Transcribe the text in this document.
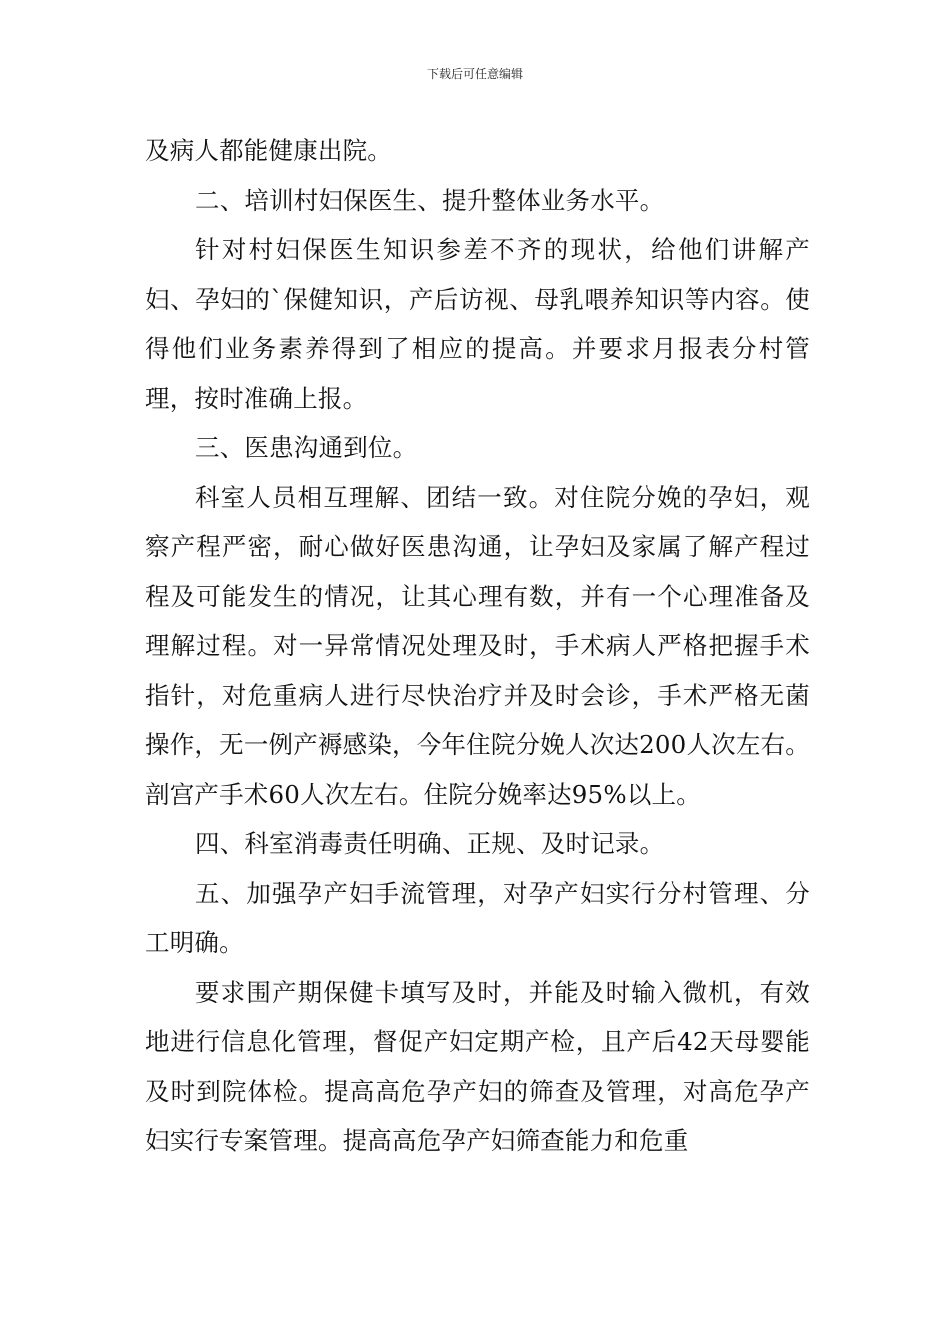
下载后可任意编辑

及病人都能健康出院。

二、培训村妇保医生、提升整体业务水平。

针对村妇保医生知识参差不齐的现状，给他们讲解产妇、孕妇的`保健知识，产后访视、母乳喂养知识等内容。使得他们业务素养得到了相应的提高。并要求月报表分村管理，按时准确上报。

三、医患沟通到位。

科室人员相互理解、团结一致。对住院分娩的孕妇，观察产程严密，耐心做好医患沟通，让孕妇及家属了解产程过程及可能发生的情况，让其心理有数，并有一个心理准备及理解过程。对一异常情况处理及时，手术病人严格把握手术指针，对危重病人进行尽快治疗并及时会诊，手术严格无菌操作，无一例产褥感染，今年住院分娩人次达200人次左右。剖宫产手术60人次左右。住院分娩率达95%以上。

四、科室消毒责任明确、正规、及时记录。

五、加强孕产妇手流管理，对孕产妇实行分村管理、分工明确。

要求围产期保健卡填写及时，并能及时输入微机，有效地进行信息化管理，督促产妇定期产检，且产后42天母婴能及时到院体检。提高高危孕产妇的筛查及管理，对高危孕产妇实行专案管理。提高高危孕产妇筛查能力和危重
